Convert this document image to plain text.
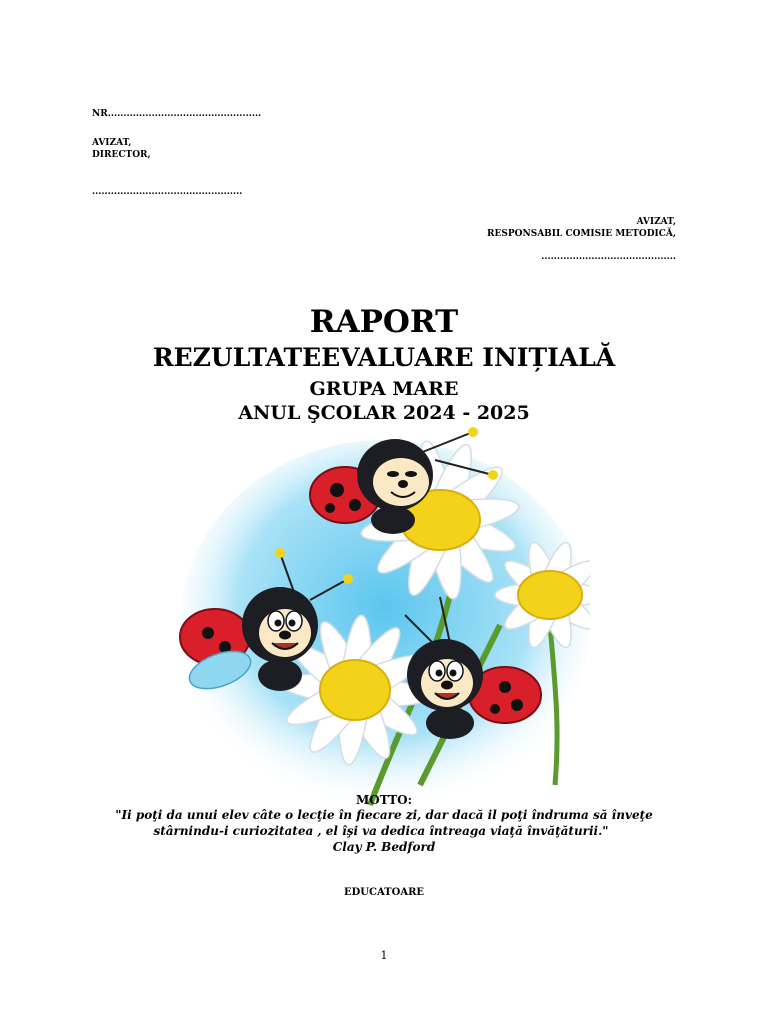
NR.................................................
AVIZAT,
DIRECTOR,
................................................
AVIZAT,
RESPONSABIL COMISIE METODICĂ,
...........................................
RAPORT
REZULTATEEVALUARE INIȚIALĂ
GRUPA MARE
ANUL ŞCOLAR 2024 - 2025
MOTTO:
"Ii poţi da unui elev câte o lecţie în fiecare zi, dar dacă il poţi îndruma să înveţe
stârnindu-i curiozitatea , el îşi va dedica întreaga viaţă învăţăturii."
Clay P. Bedford
EDUCATOARE
1
